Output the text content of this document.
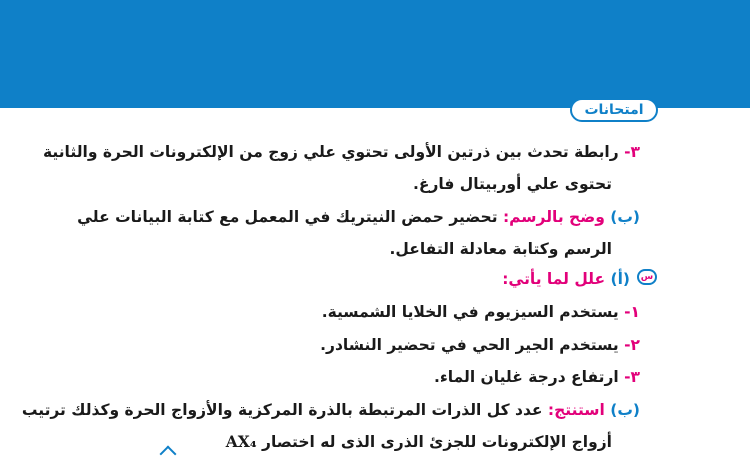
امتحانات
٣- رابطة تحدث بين ذرتين الأولى تحتوي علي زوج من الإلكترونات الحرة والثانية
تحتوى علي أوربيتال فارغ.
(ب) وضح بالرسم: تحضير حمض النيتريك في المعمل مع كتابة البيانات علي
الرسم وكتابة معادلة التفاعل.
س
(أ) علل لما يأتي:
١- يستخدم السيزيوم في الخلايا الشمسية.
٢- يستخدم الجير الحي في تحضير النشادر.
٣- ارتفاع درجة غليان الماء.
(ب) استنتج: عدد كل الذرات المرتبطة بالذرة المركزية والأزواج الحرة وكذلك ترتيب
أزواج الإلكترونات للجزئ الذرى الذى له اختصار AX₄
